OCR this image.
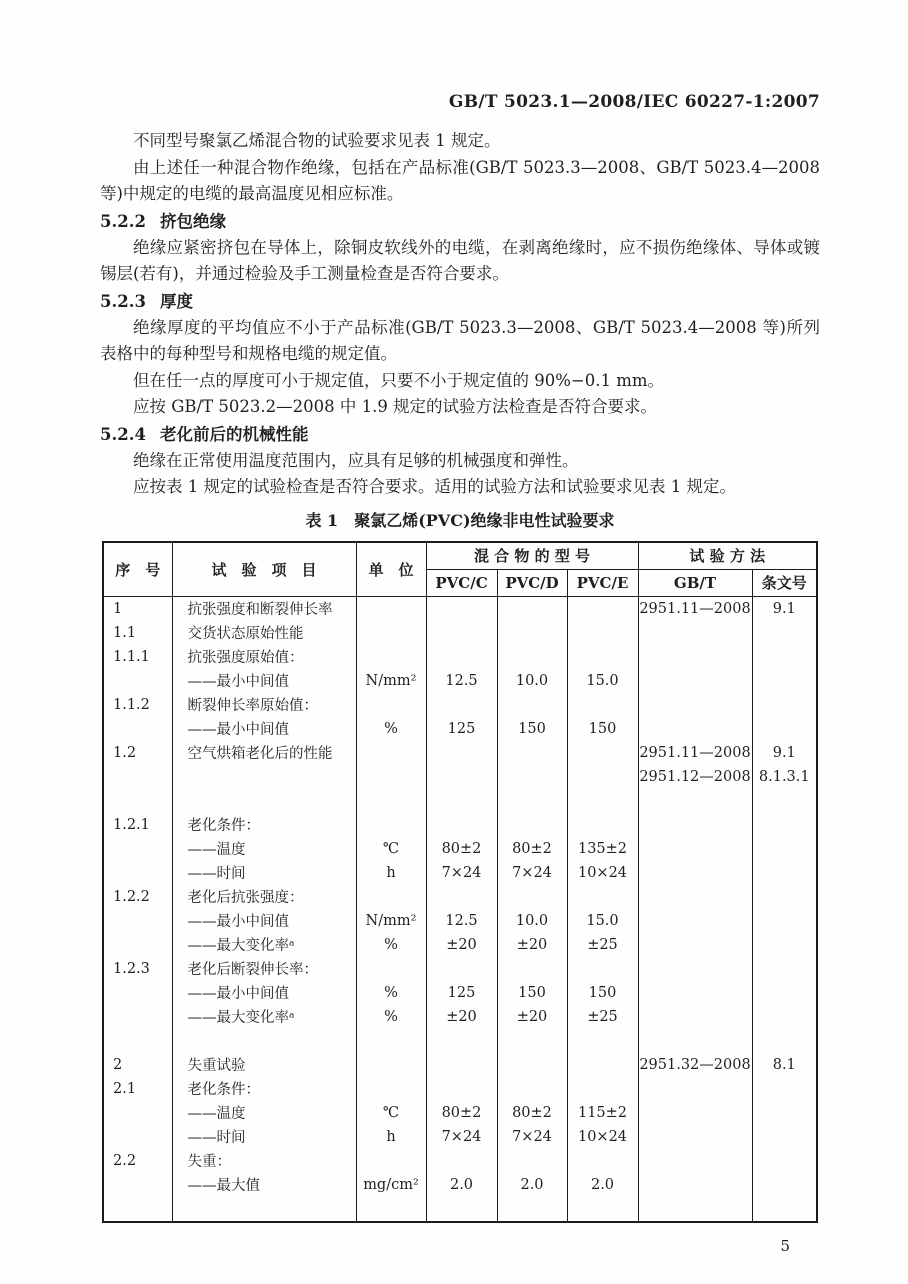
GB/T 5023.1—2008/IEC 60227-1:2007

不同型号聚氯乙烯混合物的试验要求见表 1 规定。

由上述任一种混合物作绝缘，包括在产品标准(GB/T 5023.3—2008、GB/T 5023.4—2008 等)中规定的电缆的最高温度见相应标准。

5.2.2 挤包绝缘

绝缘应紧密挤包在导体上，除铜皮软线外的电缆，在剥离绝缘时，应不损伤绝缘体、导体或镀锡层(若有)，并通过检验及手工测量检查是否符合要求。

5.2.3 厚度

绝缘厚度的平均值应不小于产品标准(GB/T 5023.3—2008、GB/T 5023.4—2008 等)所列表格中的每种型号和规格电缆的规定值。

但在任一点的厚度可小于规定值，只要不小于规定值的 90%−0.1 mm。

应按 GB/T 5023.2—2008 中 1.9 规定的试验方法检查是否符合要求。

5.2.4 老化前后的机械性能

绝缘在正常使用温度范围内，应具有足够的机械强度和弹性。

应按表 1 规定的试验检查是否符合要求。适用的试验方法和试验要求见表 1 规定。

表 1　聚氯乙烯(PVC)绝缘非电性试验要求
序　号	试　验　项　目	单　位	混 合 物 的 型 号			试 验 方 法	
			PVC/C	PVC/D	PVC/E	GB/T	条文号
1	抗张强度和断裂伸长率					2951.11—2008	9.1
1.1	交货状态原始性能						
1.1.1	抗张强度原始值：						
	——最小中间值	N/mm²	12.5	10.0	15.0		
1.1.2	断裂伸长率原始值：						
	——最小中间值	%	125	150	150		
1.2	空气烘箱老化后的性能					2951.11—2008	9.1
						2951.12—2008	8.1.3.1

1.2.1	老化条件：						
	——温度	℃	80±2	80±2	135±2		
	——时间	h	7×24	7×24	10×24		
1.2.2	老化后抗张强度：						
	——最小中间值	N/mm²	12.5	10.0	15.0		
	——最大变化率ᵃ	%	±20	±20	±25		
1.2.3	老化后断裂伸长率：						
	——最小中间值	%	125	150	150		
	——最大变化率ᵃ	%	±20	±20	±25		

2	失重试验					2951.32—2008	8.1
2.1	老化条件：						
	——温度	℃	80±2	80±2	115±2		
	——时间	h	7×24	7×24	10×24		
2.2	失重：						
	——最大值	mg/cm²	2.0	2.0	2.0		

5
